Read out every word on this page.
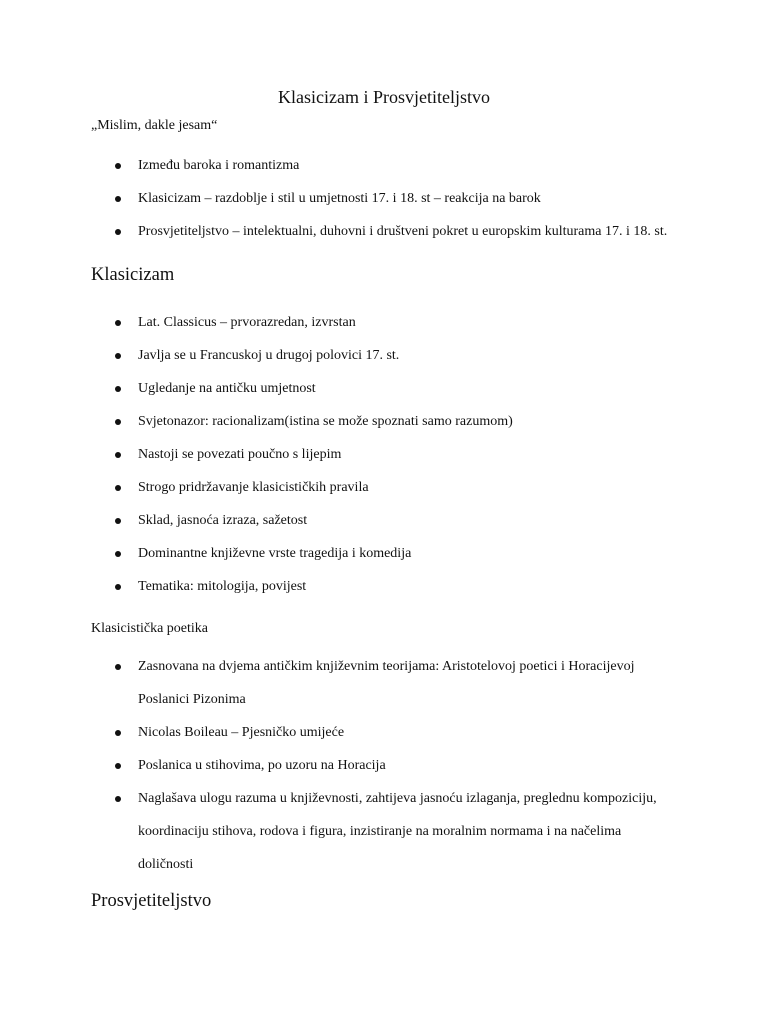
Klasicizam i Prosvjetiteljstvo
„Mislim, dakle jesam“
Između baroka i romantizma
Klasicizam – razdoblje i stil u umjetnosti 17. i 18. st – reakcija na barok
Prosvjetiteljstvo – intelektualni, duhovni i društveni pokret u europskim kulturama 17. i 18. st.
Klasicizam
Lat. Classicus – prvorazredan, izvrstan
Javlja se u Francuskoj u drugoj polovici 17. st.
Ugledanje na antičku umjetnost
Svjetonazor: racionalizam(istina se može spoznati samo razumom)
Nastoji se povezati poučno s lijepim
Strogo pridržavanje klasicističkih pravila
Sklad, jasnoća izraza, sažetost
Dominantne književne vrste tragedija i komedija
Tematika: mitologija, povijest
Klasicistička poetika
Zasnovana na dvjema antičkim književnim teorijama: Aristotelovoj poetici i Horacijevoj
Poslanici Pizonima
Nicolas Boileau – Pjesničko umijeće
Poslanica u stihovima, po uzoru na Horacija
Naglašava ulogu razuma u književnosti, zahtijeva jasnoću izlaganja, preglednu kompoziciju,
koordinaciju stihova, rodova i figura, inzistiranje na moralnim normama i na načelima
doličnosti
Prosvjetiteljstvo
